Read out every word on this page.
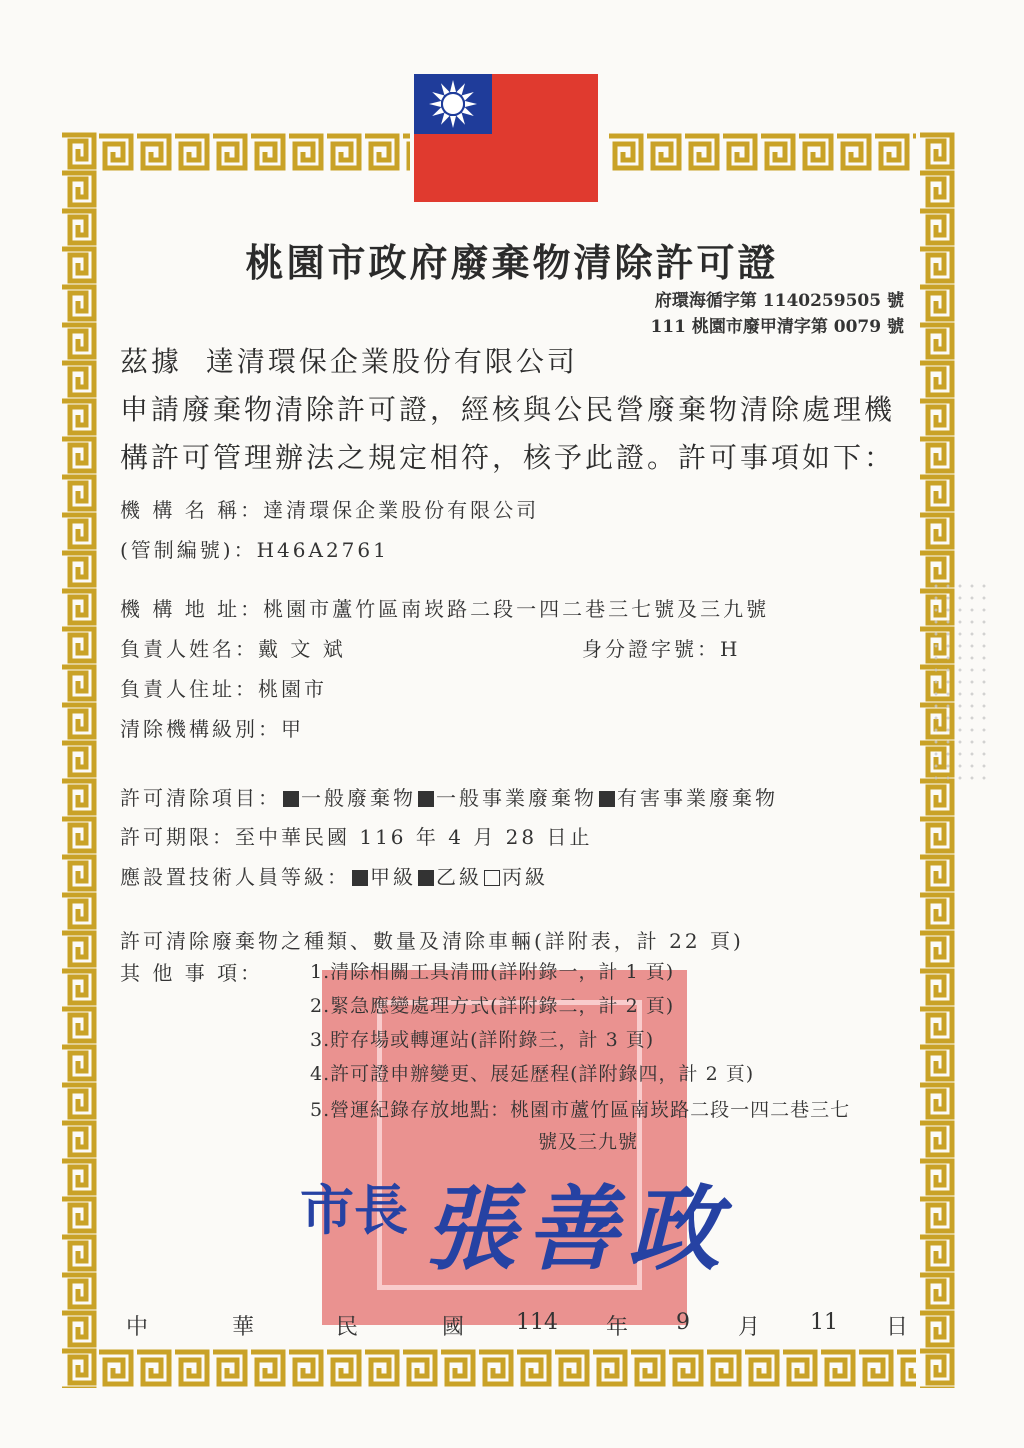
桃園市政府廢棄物清除許可證
府環海循字第 1140259505 號
111 桃園市廢甲清字第 0079 號
茲據 達清環保企業股份有限公司
申請廢棄物清除許可證，經核與公民營廢棄物清除處理機
構許可管理辦法之規定相符，核予此證。許可事項如下：
機 構 名 稱：達清環保企業股份有限公司
(管制編號)：H46A2761
機 構 地 址：桃園市蘆竹區南崁路二段一四二巷三七號及三九號
負責人姓名：戴 文 斌	身分證字號：H
負責人住址：桃園市
清除機構級別：甲
許可清除項目： 一般廢棄物 一般事業廢棄物 有害事業廢棄物
許可期限：至中華民國 116 年 4 月 28 日止
應設置技術人員等級： 甲級 乙級 丙級
許可清除廢棄物之種類、數量及清除車輛(詳附表，計 22 頁)
其 他 事 項： 1.清除相關工具清冊(詳附錄一，計 1 頁)
2.緊急應變處理方式(詳附錄二，計 2 頁)
3.貯存場或轉運站(詳附錄三，計 3 頁)
4.許可證申辦變更、展延歷程(詳附錄四，計 2 頁)
5.營運紀錄存放地點：桃園市蘆竹區南崁路二段一四二巷三七
號及三九號
市長 張善政
中	華	民	國 114 年 9 月 11 日
